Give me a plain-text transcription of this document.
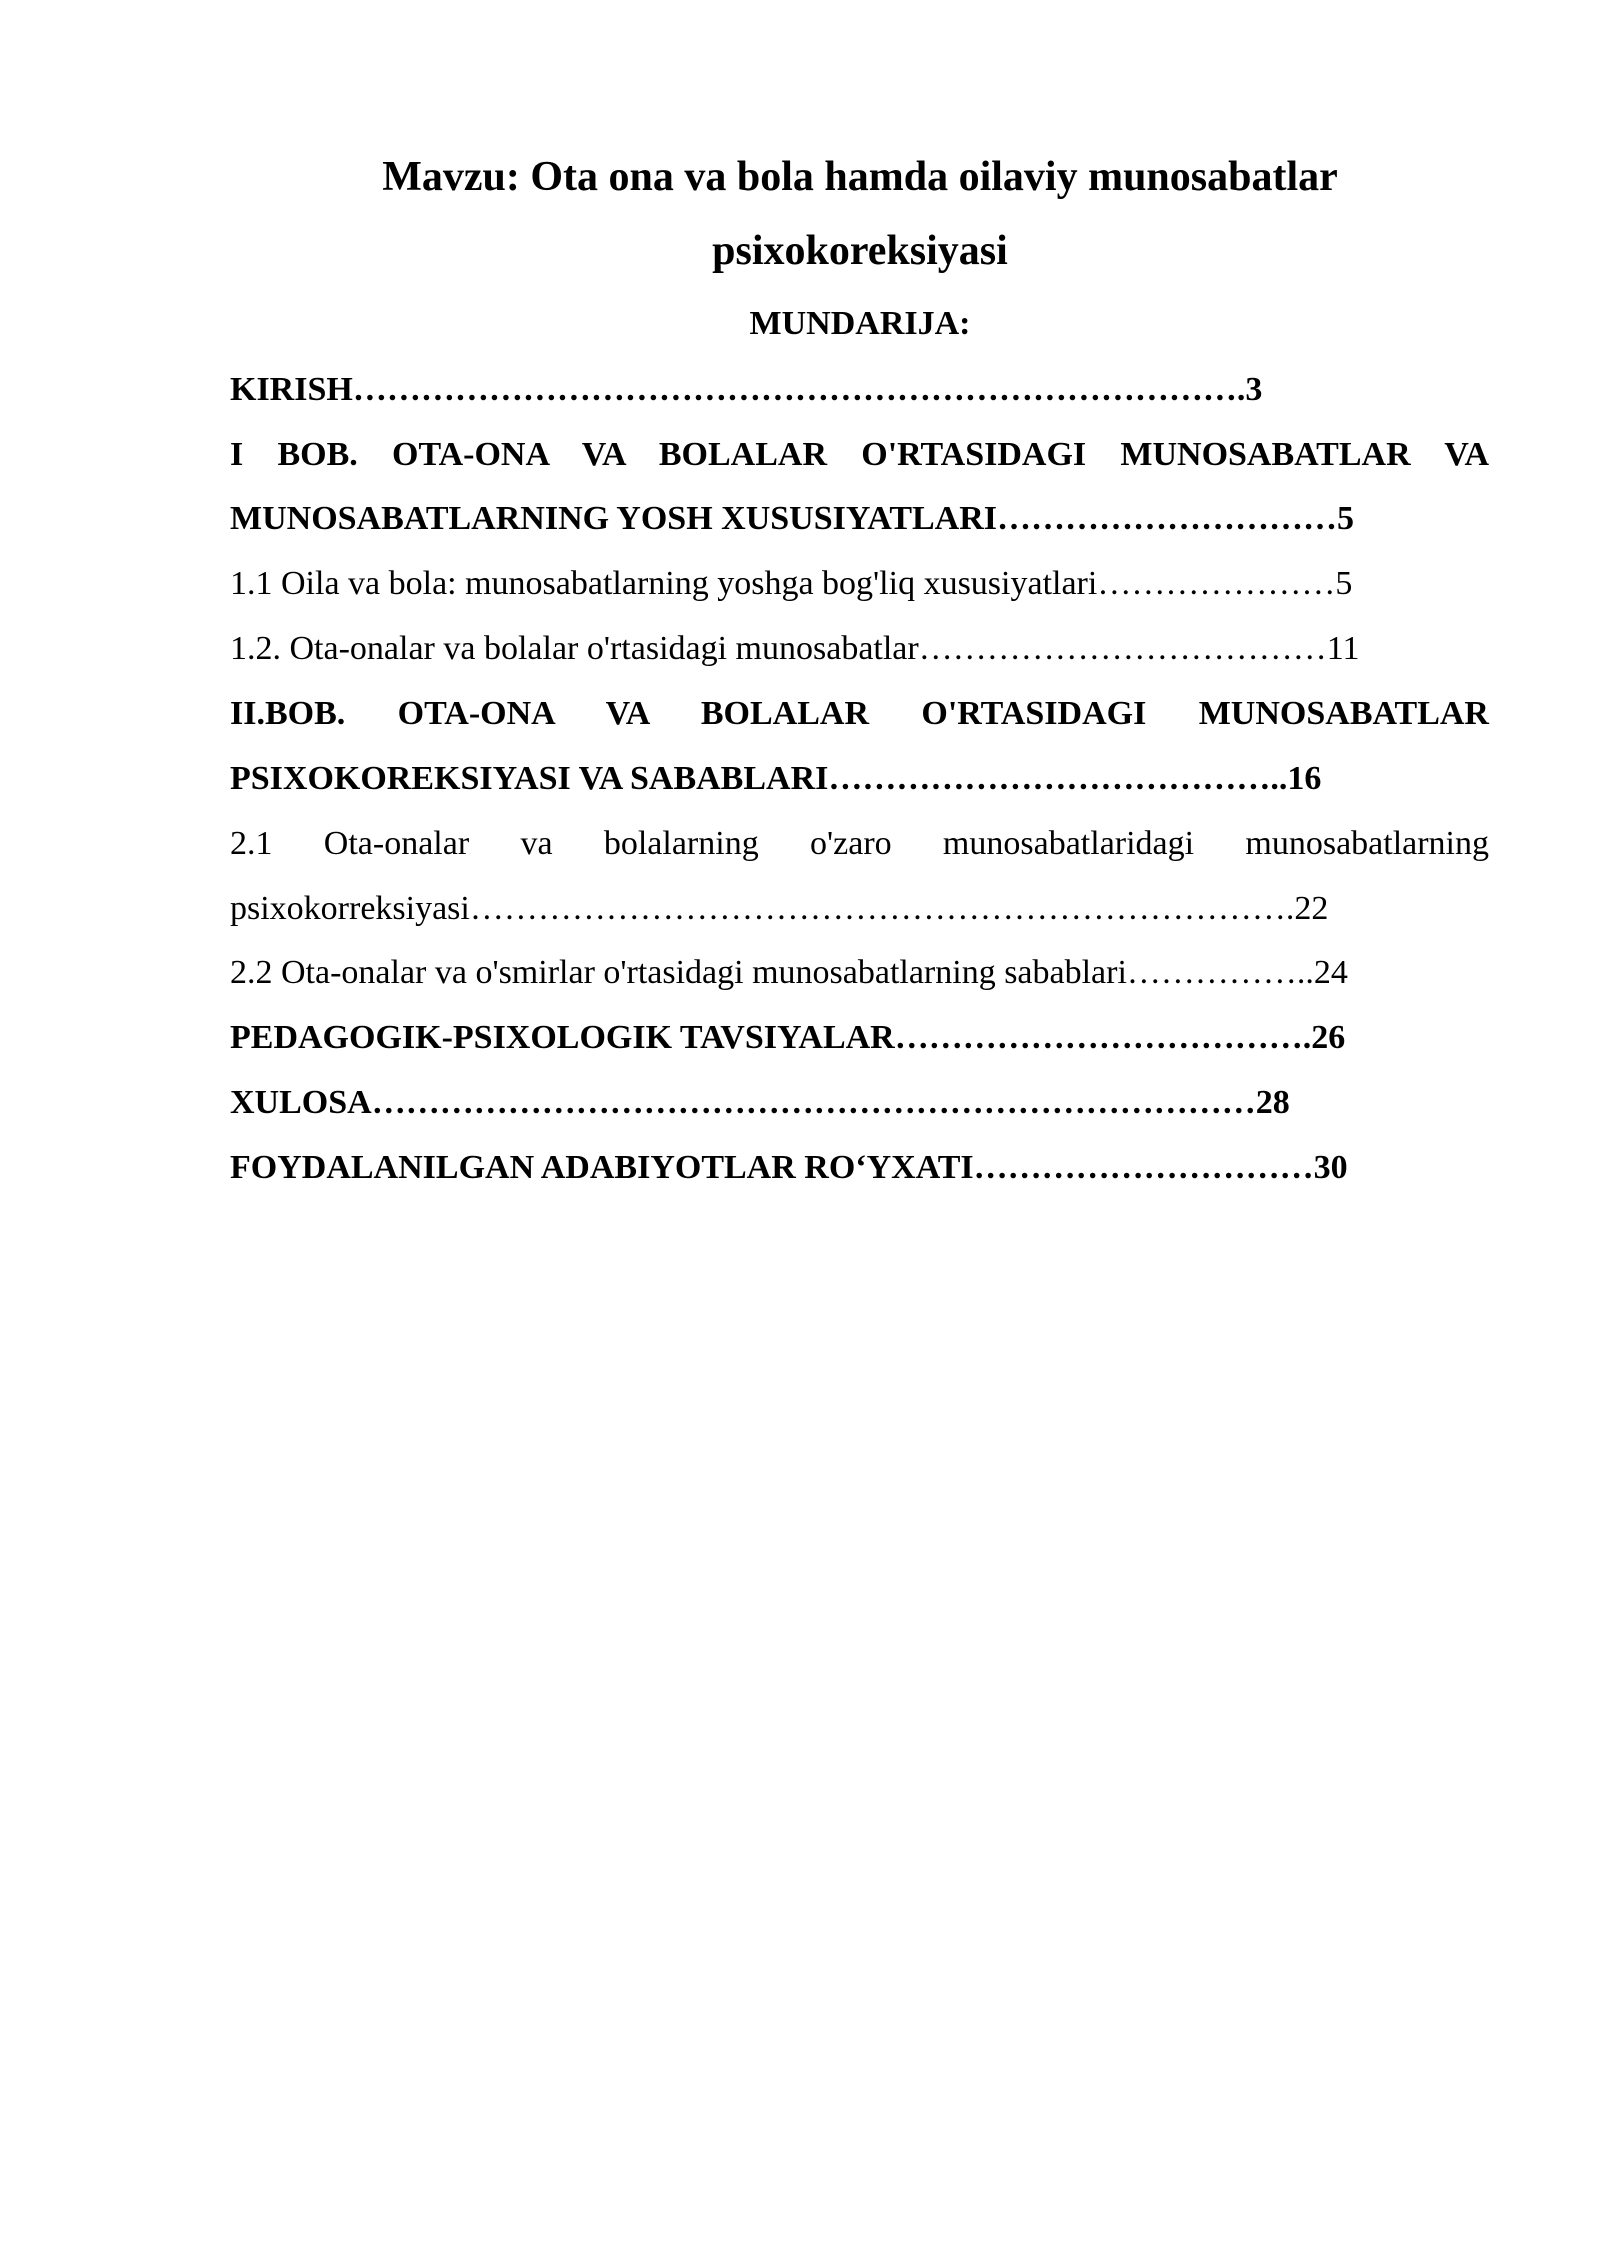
Mavzu: Ota ona va bola hamda oilaviy munosabatlar
psixokoreksiyasi
MUNDARIJA:
KIRISH…………………………………………………………………….3
I BOB. OTA-ONA VA BOLALAR O'RTASIDAGI MUNOSABATLAR VA
MUNOSABATLARNING YOSH XUSUSIYATLARI…………………………5
1.1 Oila va bola: munosabatlarning yoshga bog'liq xususiyatlari…………………5
1.2. Ota-onalar va bolalar o'rtasidagi munosabatlar………………………………11
II.BOB. OTA-ONA VA BOLALAR O'RTASIDAGI MUNOSABATLAR
PSIXOKOREKSIYASI VA SABABLARI…………………………………..16
2.1 Ota-onalar va bolalarning o'zaro munosabatlaridagi munosabatlarning
psixokorreksiyasi……………………………………………………………….22
2.2 Ota-onalar va o'smirlar o'rtasidagi munosabatlarning sabablari……………..24
PEDAGOGIK-PSIXOLOGIK TAVSIYALAR……………………………….26
XULOSA……………………………………………………………………28
FOYDALANILGAN ADABIYOTLAR RO‘YXATI…………………………30
